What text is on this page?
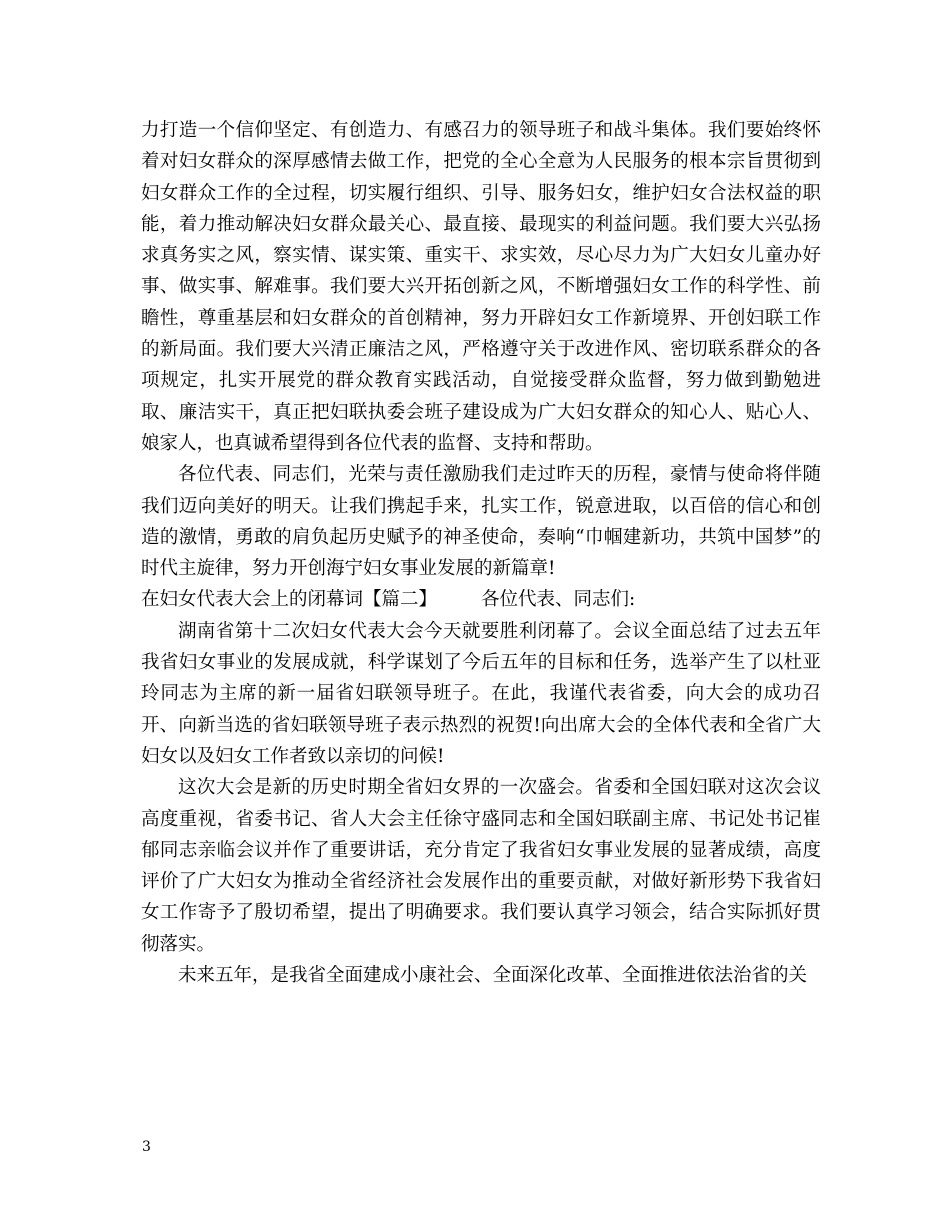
力打造一个信仰坚定、有创造力、有感召力的领导班子和战斗集体。我们要始终怀着对妇女群众的深厚感情去做工作，把党的全心全意为人民服务的根本宗旨贯彻到妇女群众工作的全过程，切实履行组织、引导、服务妇女，维护妇女合法权益的职能，着力推动解决妇女群众最关心、最直接、最现实的利益问题。我们要大兴弘扬求真务实之风，察实情、谋实策、重实干、求实效，尽心尽力为广大妇女儿童办好事、做实事、解难事。我们要大兴开拓创新之风，不断增强妇女工作的科学性、前瞻性，尊重基层和妇女群众的首创精神，努力开辟妇女工作新境界、开创妇联工作的新局面。我们要大兴清正廉洁之风，严格遵守关于改进作风、密切联系群众的各项规定，扎实开展党的群众教育实践活动，自觉接受群众监督，努力做到勤勉进取、廉洁实干，真正把妇联执委会班子建设成为广大妇女群众的知心人、贴心人、娘家人，也真诚希望得到各位代表的监督、支持和帮助。

各位代表、同志们，光荣与责任激励我们走过昨天的历程，豪情与使命将伴随我们迈向美好的明天。让我们携起手来，扎实工作，锐意进取，以百倍的信心和创造的激情，勇敢的肩负起历史赋予的神圣使命，奏响“巾帼建新功，共筑中国梦”的时代主旋律，努力开创海宁妇女事业发展的新篇章!

在妇女代表大会上的闭幕词【篇二】 各位代表、同志们:

湖南省第十二次妇女代表大会今天就要胜利闭幕了。会议全面总结了过去五年我省妇女事业的发展成就，科学谋划了今后五年的目标和任务，选举产生了以杜亚玲同志为主席的新一届省妇联领导班子。在此，我谨代表省委，向大会的成功召开、向新当选的省妇联领导班子表示热烈的祝贺!向出席大会的全体代表和全省广大妇女以及妇女工作者致以亲切的问候!

这次大会是新的历史时期全省妇女界的一次盛会。省委和全国妇联对这次会议高度重视，省委书记、省人大会主任徐守盛同志和全国妇联副主席、书记处书记崔郁同志亲临会议并作了重要讲话，充分肯定了我省妇女事业发展的显著成绩，高度评价了广大妇女为推动全省经济社会发展作出的重要贡献，对做好新形势下我省妇女工作寄予了殷切希望，提出了明确要求。我们要认真学习领会，结合实际抓好贯彻落实。

未来五年，是我省全面建成小康社会、全面深化改革、全面推进依法治省的关

3
